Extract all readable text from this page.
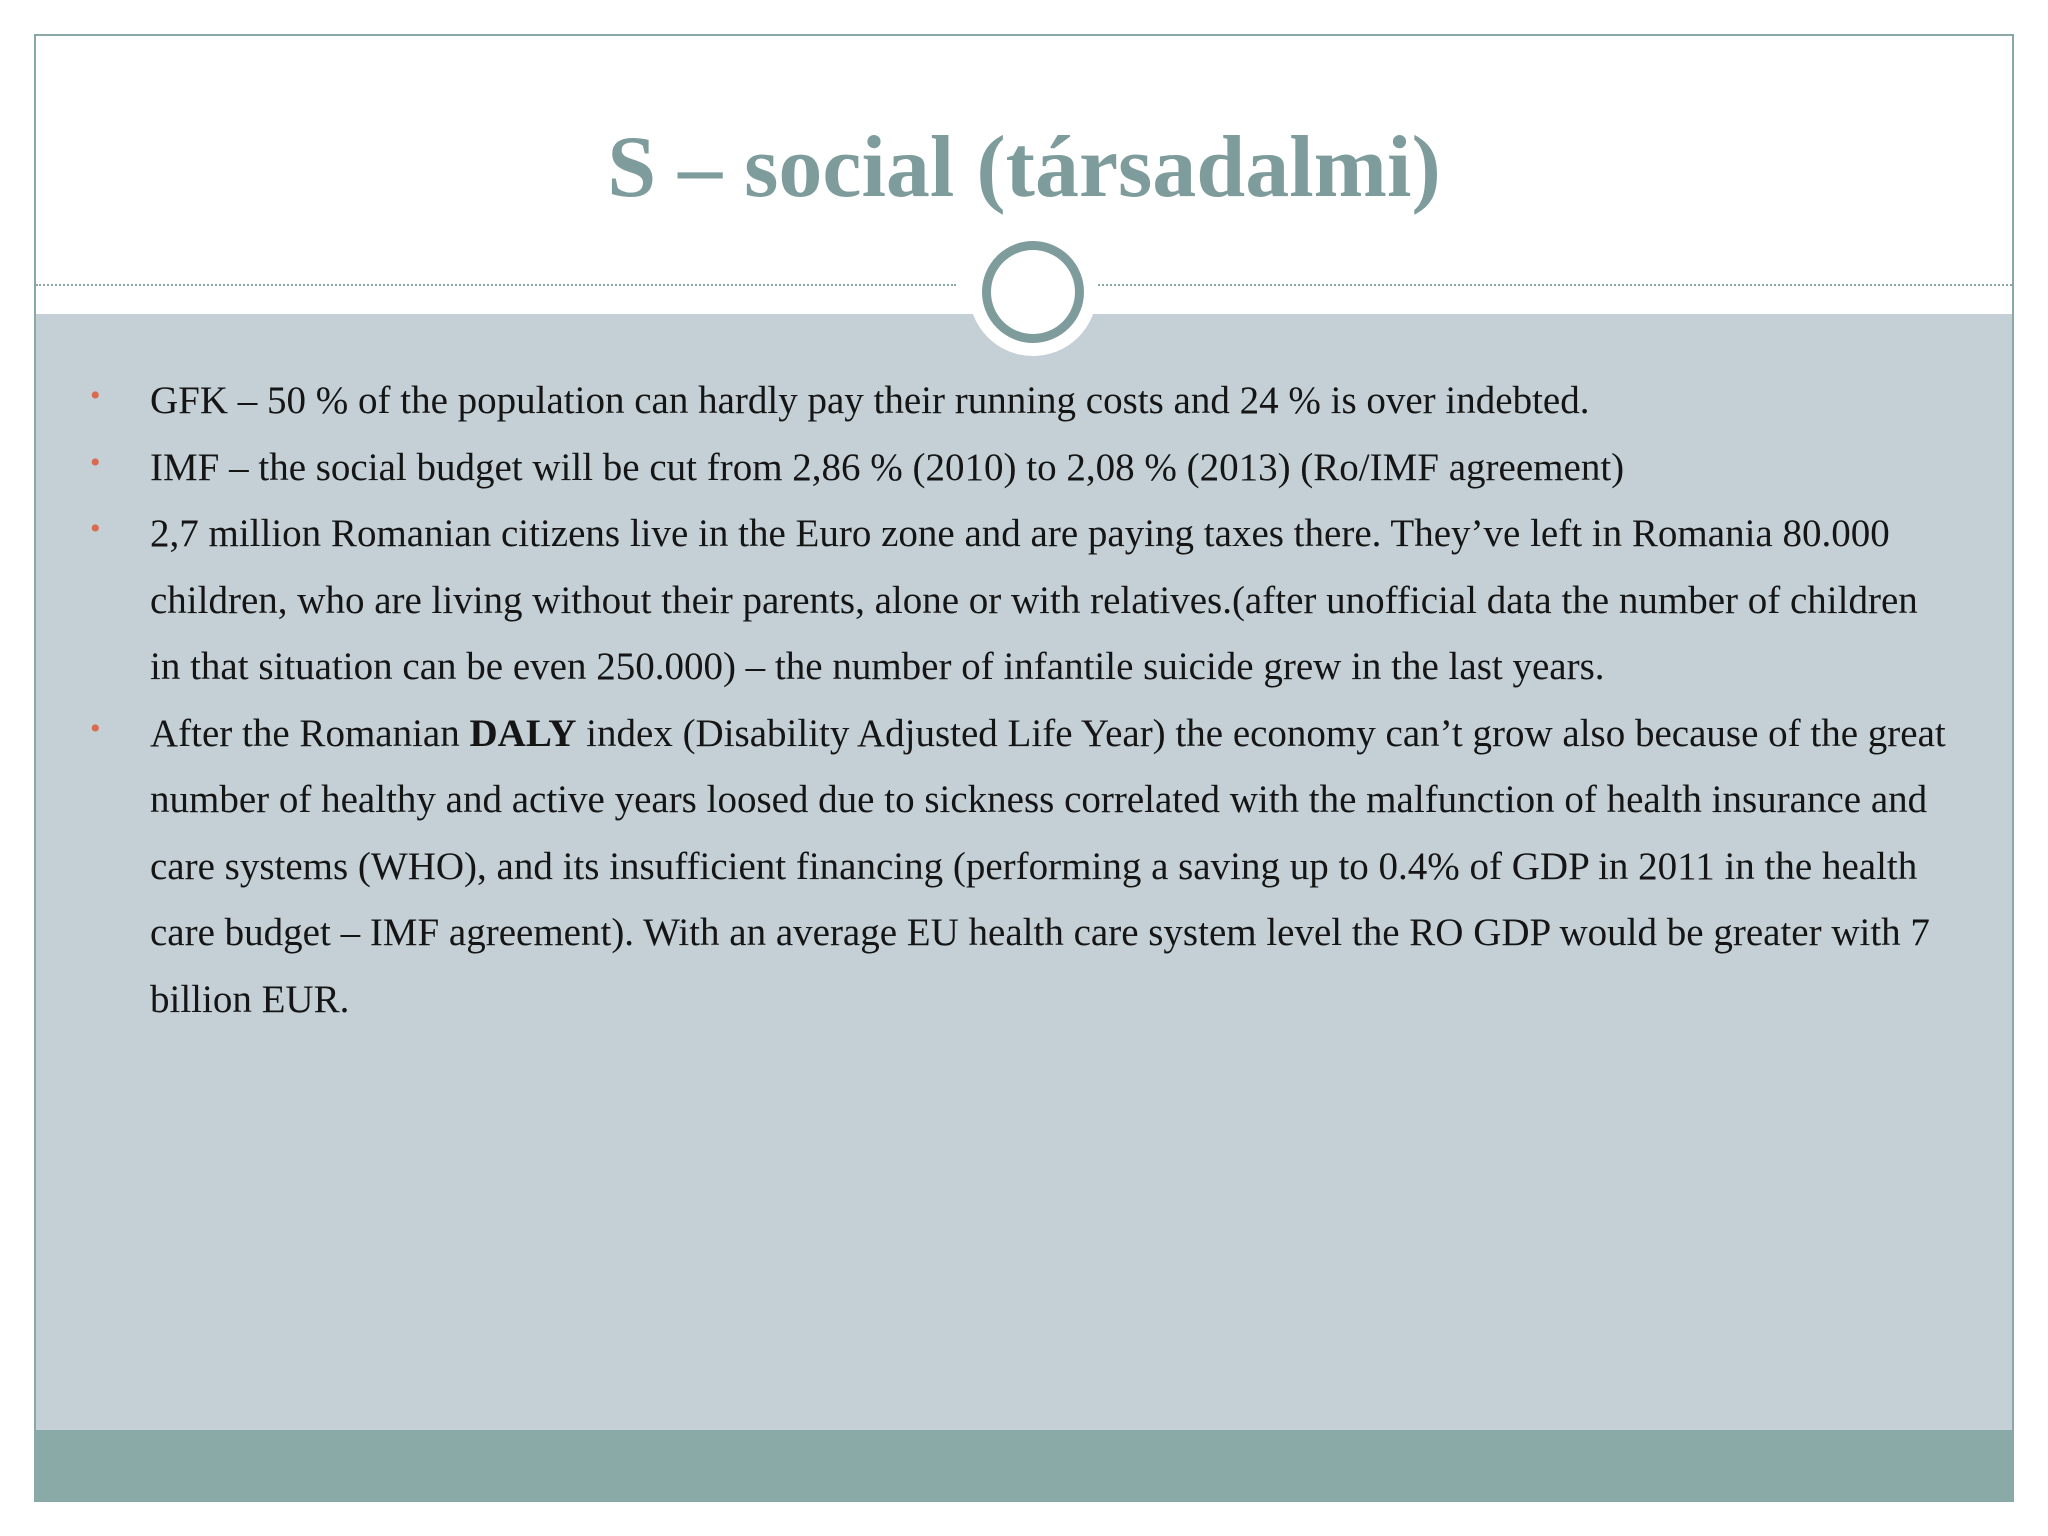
S – social (társadalmi)
• GFK – 50 % of the population can hardly pay their running costs and 24 % is over indebted.
• IMF – the social budget will be cut from 2,86 % (2010) to 2,08 % (2013) (Ro/IMF agreement)
• 2,7 million Romanian citizens live in the Euro zone and are paying taxes there. They’ve left in Romania 80.000 children, who are living without their parents, alone or with relatives.(after unofficial data the number of children in that situation can be even 250.000) – the number of infantile suicide grew in the last years.
• After the Romanian DALY index (Disability Adjusted Life Year) the economy can’t grow also because of the great number of healthy and active years loosed due to sickness correlated with the malfunction of health insurance and care systems (WHO), and its insufficient financing (performing a saving up to 0.4% of GDP in 2011 in the health care budget – IMF agreement). With an average EU health care system level the RO GDP would be greater with 7 billion EUR.
